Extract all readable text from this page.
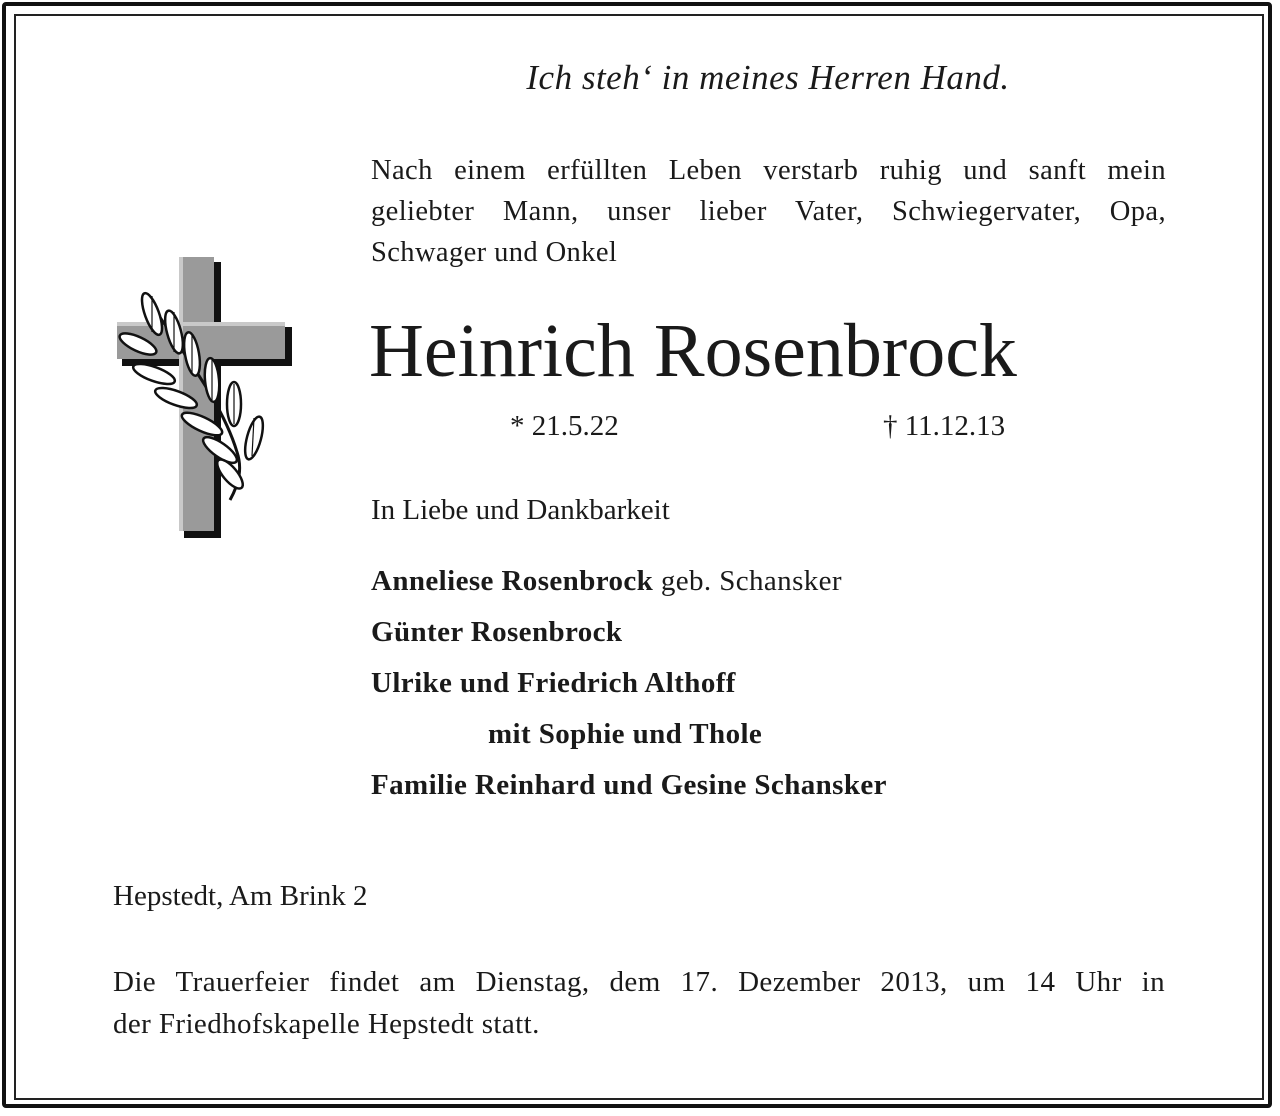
Ich steh‘ in meines Herren Hand.
Nach einem erfüllten Leben verstarb ruhig und sanft mein
geliebter Mann, unser lieber Vater, Schwiegervater, Opa,
Schwager und Onkel
Heinrich Rosenbrock
* 21.5.22	† 11.12.13
In Liebe und Dankbarkeit
Anneliese Rosenbrock geb. Schansker
Günter Rosenbrock
Ulrike und Friedrich Althoff
mit Sophie und Thole
Familie Reinhard und Gesine Schansker
Hepstedt, Am Brink 2
Die Trauerfeier findet am Dienstag, dem 17. Dezember 2013, um 14 Uhr in
der Friedhofskapelle Hepstedt statt.
